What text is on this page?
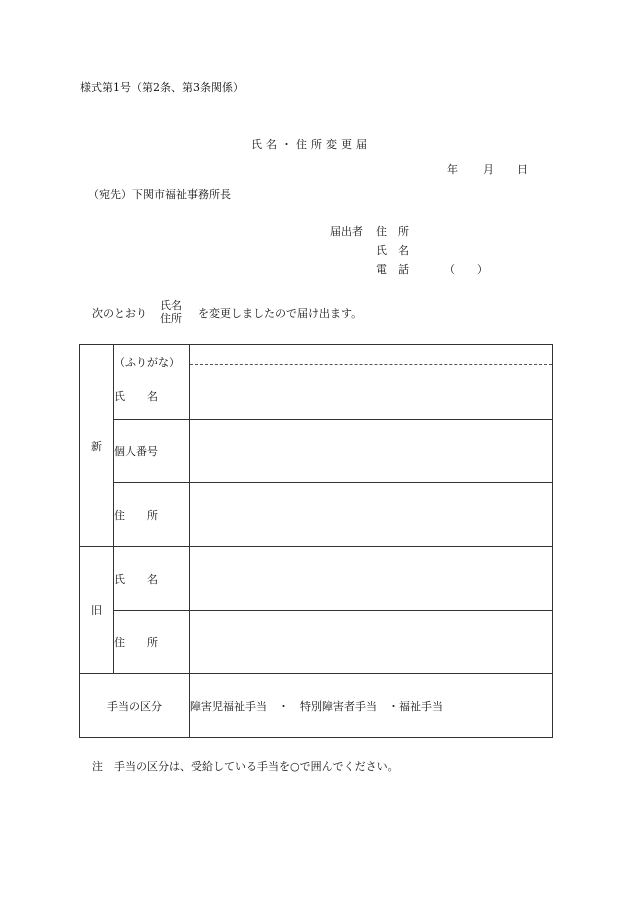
様式第1号（第2条、第3条関係）
氏名・住所変更届
年 月 日
（宛先）下関市福祉事務所長
届出者 住　所
氏　名
電　話	（　　）
次のとおり
氏名
住所 を変更しましたので届け出ます。
新	（ふりがな）
氏　　名	

	個人番号	
	住　　所	
旧	氏　　名	
	住　　所	
手当の区分		障害児福祉手当　・　特別障害者手当　・福祉手当
注　手当の区分は、受給している手当を○で囲んでください。
